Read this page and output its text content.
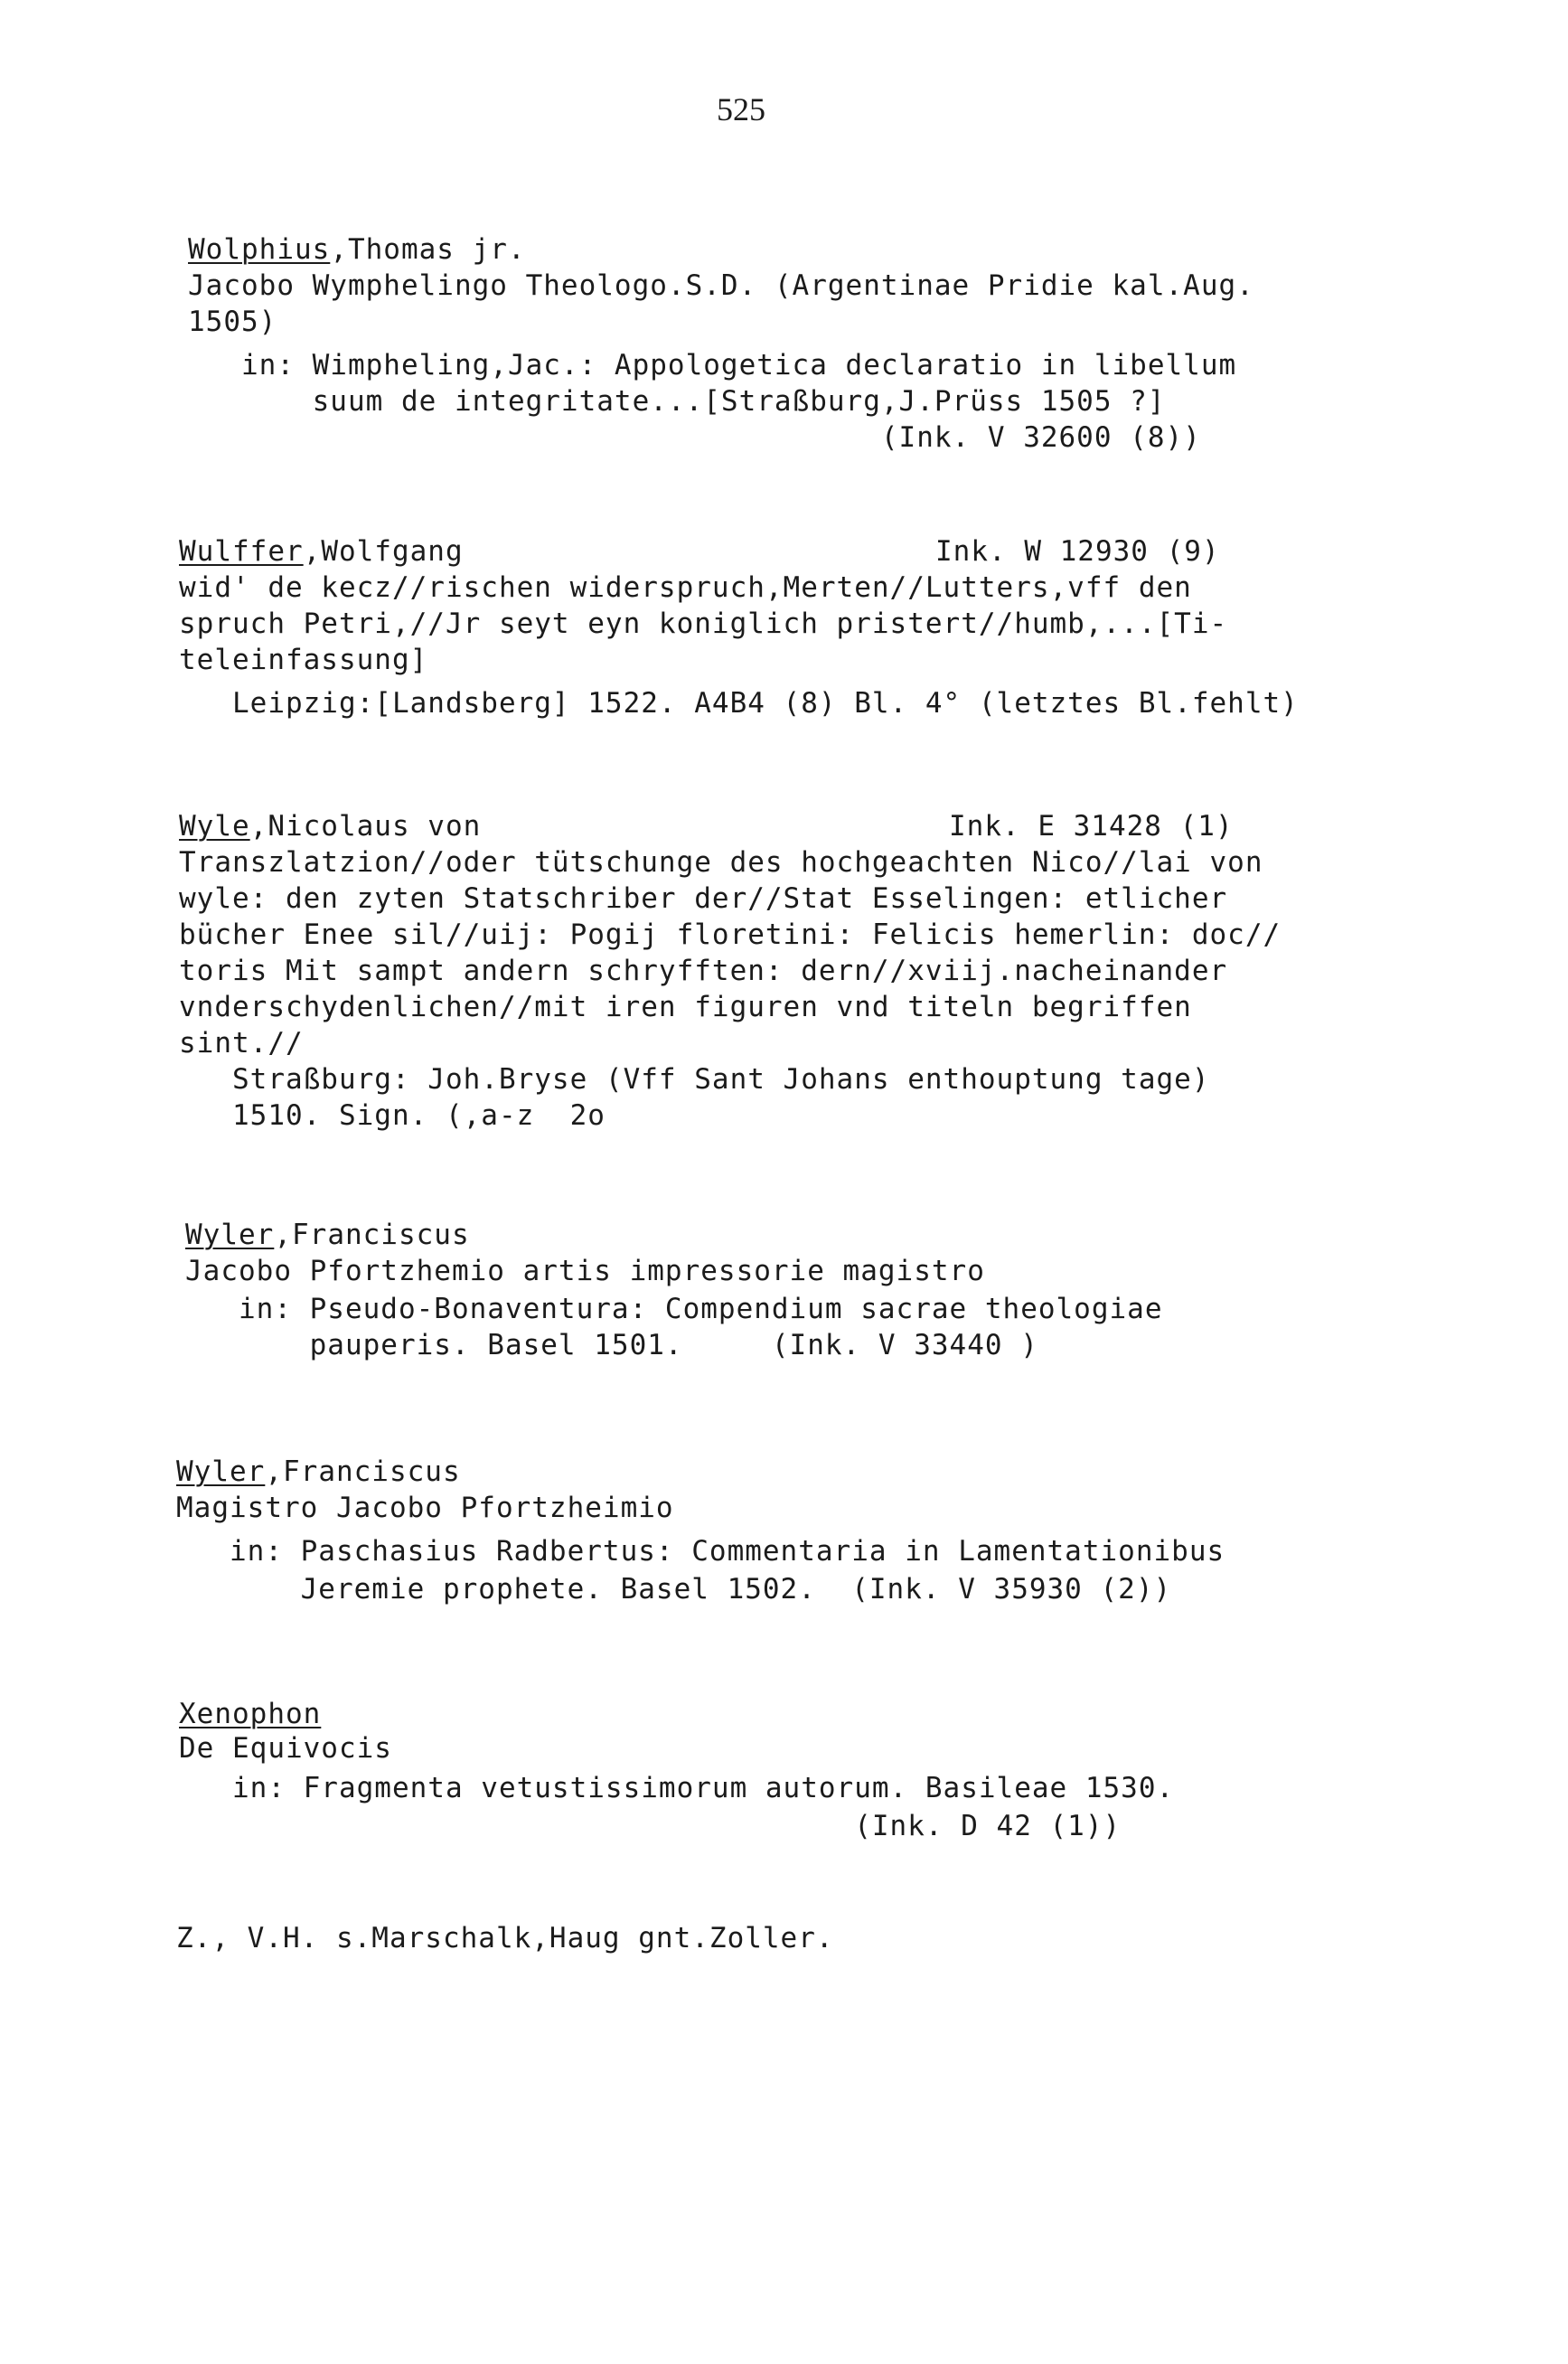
525
Wolphius,Thomas jr.
Jacobo Wymphelingo Theologo.S.D. (Argentinae Pridie kal.Aug.
1505)
in: Wimpheling,Jac.: Appologetica declaratio in libellum
suum de integritate...[Straßburg,J.Prüss 1505 ?]
(Ink. V 32600 (8))
Wulffer,Wolfgang	Ink. W 12930 (9)
wid' de kecz//rischen widerspruch,Merten//Lutters,vff den
spruch Petri,//Jr seyt eyn koniglich pristert//humb,...[Ti-
teleinfassung]
Leipzig:[Landsberg] 1522. A4B4 (8) Bl. 4° (letztes Bl.fehlt)
Wyle,Nicolaus von	Ink. E 31428 (1)
Transzlatzion//oder tütschunge des hochgeachten Nico//lai von
wyle: den zyten Statschriber der//Stat Esselingen: etlicher
bücher Enee sil//uij: Pogij floretini: Felicis hemerlin: doc//
toris Mit sampt andern schryfften: dern//xviij.nacheinander
vnderschydenlichen//mit iren figuren vnd titeln begriffen
sint.//
Straßburg: Joh.Bryse (Vff Sant Johans enthouptung tage)
1510. Sign. (,a-z  2o
Wyler,Franciscus
Jacobo Pfortzhemio artis impressorie magistro
in: Pseudo-Bonaventura: Compendium sacrae theologiae
pauperis. Basel 1501.     (Ink. V 33440 )
Wyler,Franciscus
Magistro Jacobo Pfortzheimio
in: Paschasius Radbertus: Commentaria in Lamentationibus
Jeremie prophete. Basel 1502.  (Ink. V 35930 (2))
Xenophon
De Equivocis
in: Fragmenta vetustissimorum autorum. Basileae 1530.
(Ink. D 42 (1))
Z., V.H. s.Marschalk,Haug gnt.Zoller.
